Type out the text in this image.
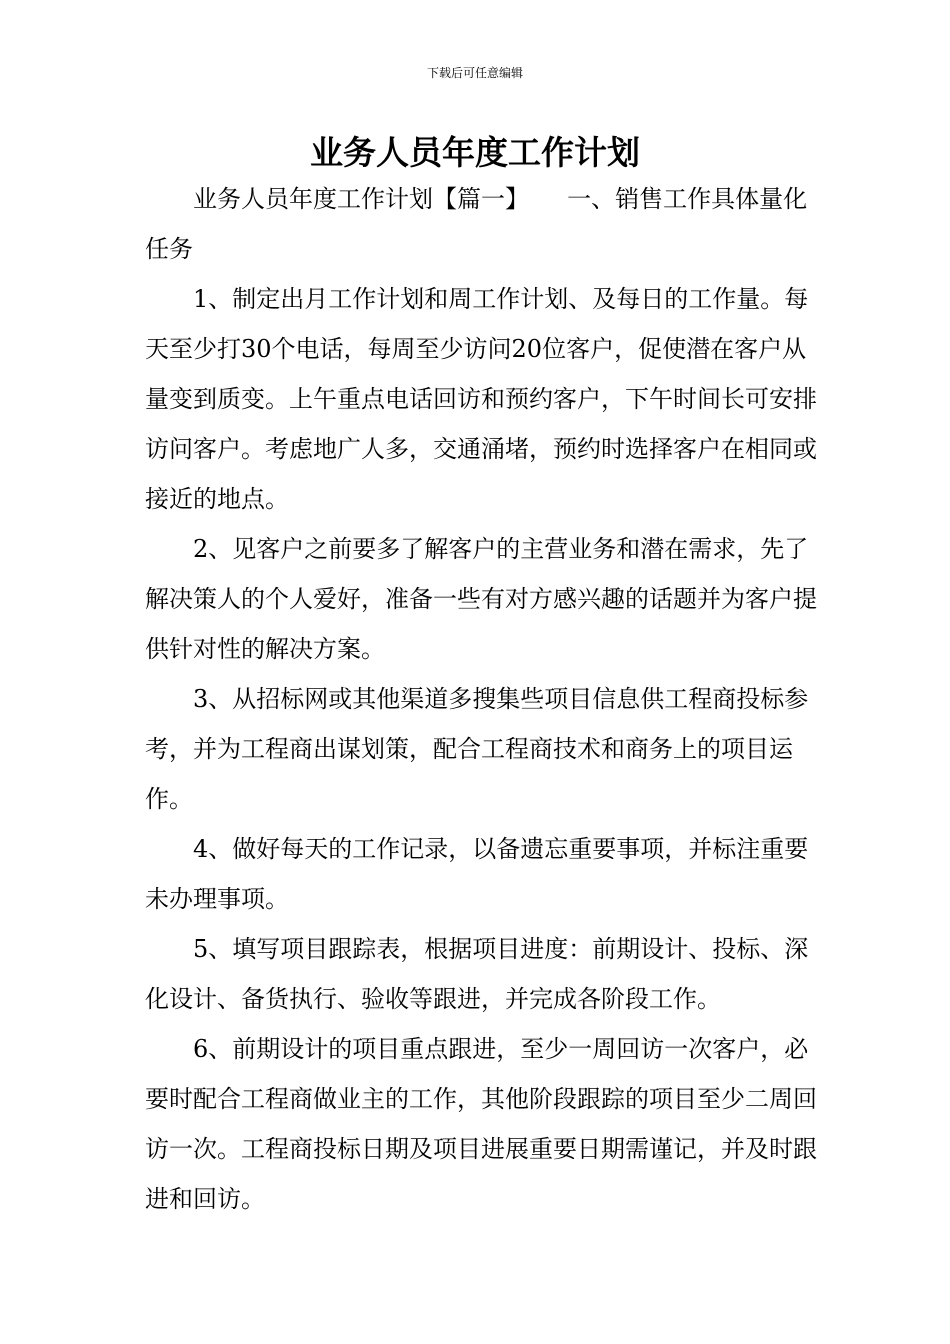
下载后可任意编辑
业务人员年度工作计划

业务人员年度工作计划【篇一】     一、销售工作具体量化任务

1、制定出月工作计划和周工作计划、及每日的工作量。每天至少打30个电话，每周至少访问20位客户，促使潜在客户从量变到质变。上午重点电话回访和预约客户，下午时间长可安排访问客户。考虑地广人多，交通涌堵，预约时选择客户在相同或接近的地点。

2、见客户之前要多了解客户的主营业务和潜在需求，先了解决策人的个人爱好，准备一些有对方感兴趣的话题并为客户提供针对性的解决方案。

3、从招标网或其他渠道多搜集些项目信息供工程商投标参考，并为工程商出谋划策，配合工程商技术和商务上的项目运作。

4、做好每天的工作记录，以备遗忘重要事项，并标注重要未办理事项。

5、填写项目跟踪表，根据项目进度：前期设计、投标、深化设计、备货执行、验收等跟进，并完成各阶段工作。

6、前期设计的项目重点跟进，至少一周回访一次客户，必要时配合工程商做业主的工作，其他阶段跟踪的项目至少二周回访一次。工程商投标日期及项目进展重要日期需谨记，并及时跟进和回访。
